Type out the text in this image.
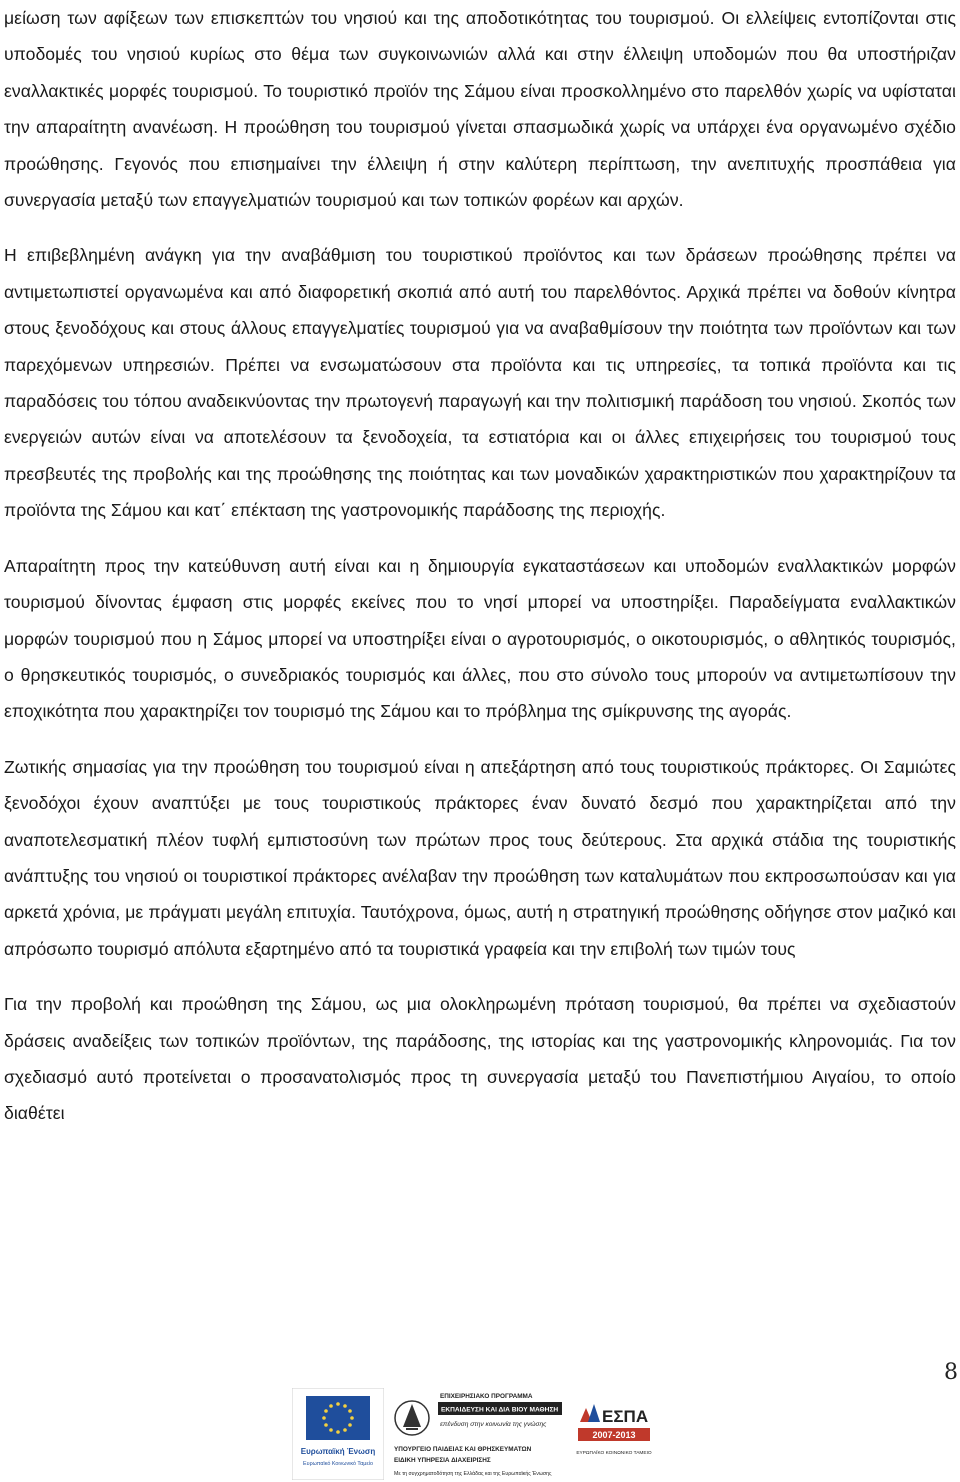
μείωση των αφίξεων των επισκεπτών του νησιού και της αποδοτικότητας του τουρισμού. Οι ελλείψεις εντοπίζονται στις υποδομές του νησιού κυρίως στο θέμα των συγκοινωνιών αλλά και στην έλλειψη υποδομών που θα υποστήριζαν εναλλακτικές μορφές τουρισμού. Το τουριστικό προϊόν της Σάμου είναι προσκολλημένο στο παρελθόν χωρίς να υφίσταται την απαραίτητη ανανέωση. Η προώθηση του τουρισμού γίνεται σπασμωδικά χωρίς να υπάρχει ένα οργανωμένο σχέδιο προώθησης. Γεγονός που επισημαίνει την έλλειψη ή στην καλύτερη περίπτωση, την ανεπιτυχής προσπάθεια για συνεργασία μεταξύ των επαγγελματιών τουρισμού και των τοπικών φορέων και αρχών.

Η επιβεβλημένη ανάγκη για την αναβάθμιση του τουριστικού προϊόντος και των δράσεων προώθησης πρέπει να αντιμετωπιστεί οργανωμένα και από διαφορετική σκοπιά από αυτή του παρελθόντος. Αρχικά πρέπει να δοθούν κίνητρα στους ξενοδόχους και στους άλλους επαγγελματίες τουρισμού για να αναβαθμίσουν την ποιότητα των προϊόντων και των παρεχόμενων υπηρεσιών. Πρέπει να ενσωματώσουν στα προϊόντα και τις υπηρεσίες, τα τοπικά προϊόντα και τις παραδόσεις του τόπου αναδεικνύοντας την πρωτογενή παραγωγή και την πολιτισμική παράδοση του νησιού. Σκοπός των ενεργειών αυτών είναι να αποτελέσουν τα ξενοδοχεία, τα εστιατόρια και οι άλλες επιχειρήσεις του τουρισμού τους πρεσβευτές της προβολής και της προώθησης της ποιότητας και των μοναδικών χαρακτηριστικών που χαρακτηρίζουν τα προϊόντα της Σάμου και κατ΄ επέκταση της γαστρονομικής παράδοσης της περιοχής.

Απαραίτητη προς την κατεύθυνση αυτή είναι και η δημιουργία εγκαταστάσεων και υποδομών εναλλακτικών μορφών τουρισμού δίνοντας έμφαση στις μορφές εκείνες που το νησί μπορεί να υποστηρίξει. Παραδείγματα εναλλακτικών μορφών τουρισμού που η Σάμος μπορεί να υποστηρίξει είναι ο αγροτουρισμός, ο οικοτουρισμός, ο αθλητικός τουρισμός, ο θρησκευτικός τουρισμός, ο συνεδριακός τουρισμός και άλλες, που στο σύνολο τους μπορούν να αντιμετωπίσουν την εποχικότητα που χαρακτηρίζει τον τουρισμό της Σάμου και το πρόβλημα της σμίκρυνσης της αγοράς.

Ζωτικής σημασίας για την προώθηση του τουρισμού είναι η απεξάρτηση από τους τουριστικούς πράκτορες. Οι Σαμιώτες ξενοδόχοι έχουν αναπτύξει με τους τουριστικούς πράκτορες έναν δυνατό δεσμό που χαρακτηρίζεται από την αναποτελεσματική πλέον τυφλή εμπιστοσύνη των πρώτων προς τους δεύτερους. Στα αρχικά στάδια της τουριστικής ανάπτυξης του νησιού οι τουριστικοί πράκτορες ανέλαβαν την προώθηση των καταλυμάτων που εκπροσωπούσαν και για αρκετά χρόνια, με πράγματι μεγάλη επιτυχία. Ταυτόχρονα, όμως, αυτή η στρατηγική προώθησης οδήγησε στον μαζικό και απρόσωπο τουρισμό απόλυτα εξαρτημένο από τα τουριστικά γραφεία και την επιβολή των τιμών τους

Για την προβολή και προώθηση της Σάμου, ως μια ολοκληρωμένη πρόταση τουρισμού, θα πρέπει να σχεδιαστούν δράσεις αναδείξεις των τοπικών προϊόντων, της παράδοσης, της ιστορίας και της γαστρονομικής κληρονομιάς. Για τον σχεδιασμό αυτό προτείνεται ο προσανατολισμός προς τη συνεργασία μεταξύ του Πανεπιστήμιου Αιγαίου, το οποίο διαθέτει

8
Ευρωπαϊκή Ένωση
Ευρωπαϊκό Κοινωνικό Ταμείο
ΕΠΙΧΕΙΡΗΣΙΑΚΟ ΠΡΟΓΡΑΜΜΑ
ΕΚΠΑΙΔΕΥΣΗ ΚΑΙ ΔΙΑ ΒΙΟΥ ΜΑΘΗΣΗ
επένδυση στην κοινωνία της γνώσης
ΥΠΟΥΡΓΕΙΟ ΠΑΙΔΕΙΑΣ ΚΑΙ ΘΡΗΣΚΕΥΜΑΤΩΝ
ΕΙΔΙΚΗ ΥΠΗΡΕΣΙΑ ΔΙΑΧΕΙΡΙΣΗΣ
Με τη συγχρηματοδότηση της Ελλάδας και της Ευρωπαϊκής Ένωσης
ΕΣΠΑ
2007-2013
ΕΥΡΩΠΑΪΚΟ ΚΟΙΝΩΝΙΚΟ ΤΑΜΕΙΟ
